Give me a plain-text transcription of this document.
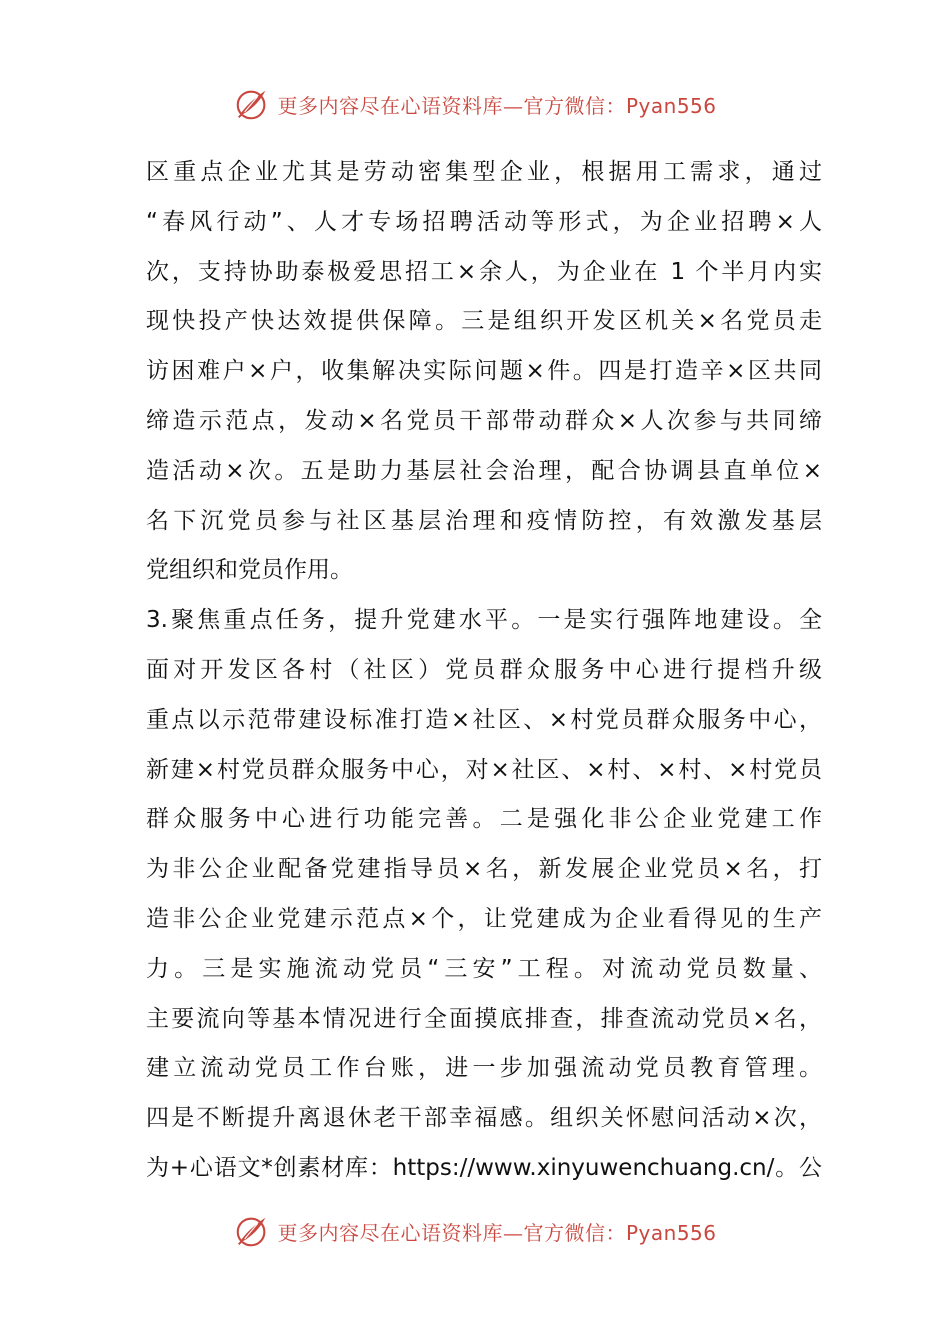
更多内容尽在心语资料库—官方微信：Pyan556
区重点企业尤其是劳动密集型企业，根据用工需求，通过
“春风行动”、人才专场招聘活动等形式，为企业招聘×人
次，支持协助泰极爱思招工×余人，为企业在 1 个半月内实
现快投产快达效提供保障。三是组织开发区机关×名党员走
访困难户×户，收集解决实际问题×件。四是打造辛×区共同
缔造示范点，发动×名党员干部带动群众×人次参与共同缔
造活动×次。五是助力基层社会治理，配合协调县直单位×
名下沉党员参与社区基层治理和疫情防控，有效激发基层
党组织和党员作用。
3.聚焦重点任务，提升党建水平。一是实行强阵地建设。全
面对开发区各村（社区）党员群众服务中心进行提档升级
重点以示范带建设标准打造×社区、×村党员群众服务中心，
新建×村党员群众服务中心，对×社区、×村、×村、×村党员
群众服务中心进行功能完善。二是强化非公企业党建工作
为非公企业配备党建指导员×名，新发展企业党员×名，打
造非公企业党建示范点×个，让党建成为企业看得见的生产
力。三是实施流动党员“三安”工程。对流动党员数量、
主要流向等基本情况进行全面摸底排查，排查流动党员×名，
建立流动党员工作台账，进一步加强流动党员教育管理。
四是不断提升离退休老干部幸福感。组织关怀慰问活动×次，
为+心语文*创素材库：https://www.xinyuwenchuang.cn/。公
更多内容尽在心语资料库—官方微信：Pyan556
